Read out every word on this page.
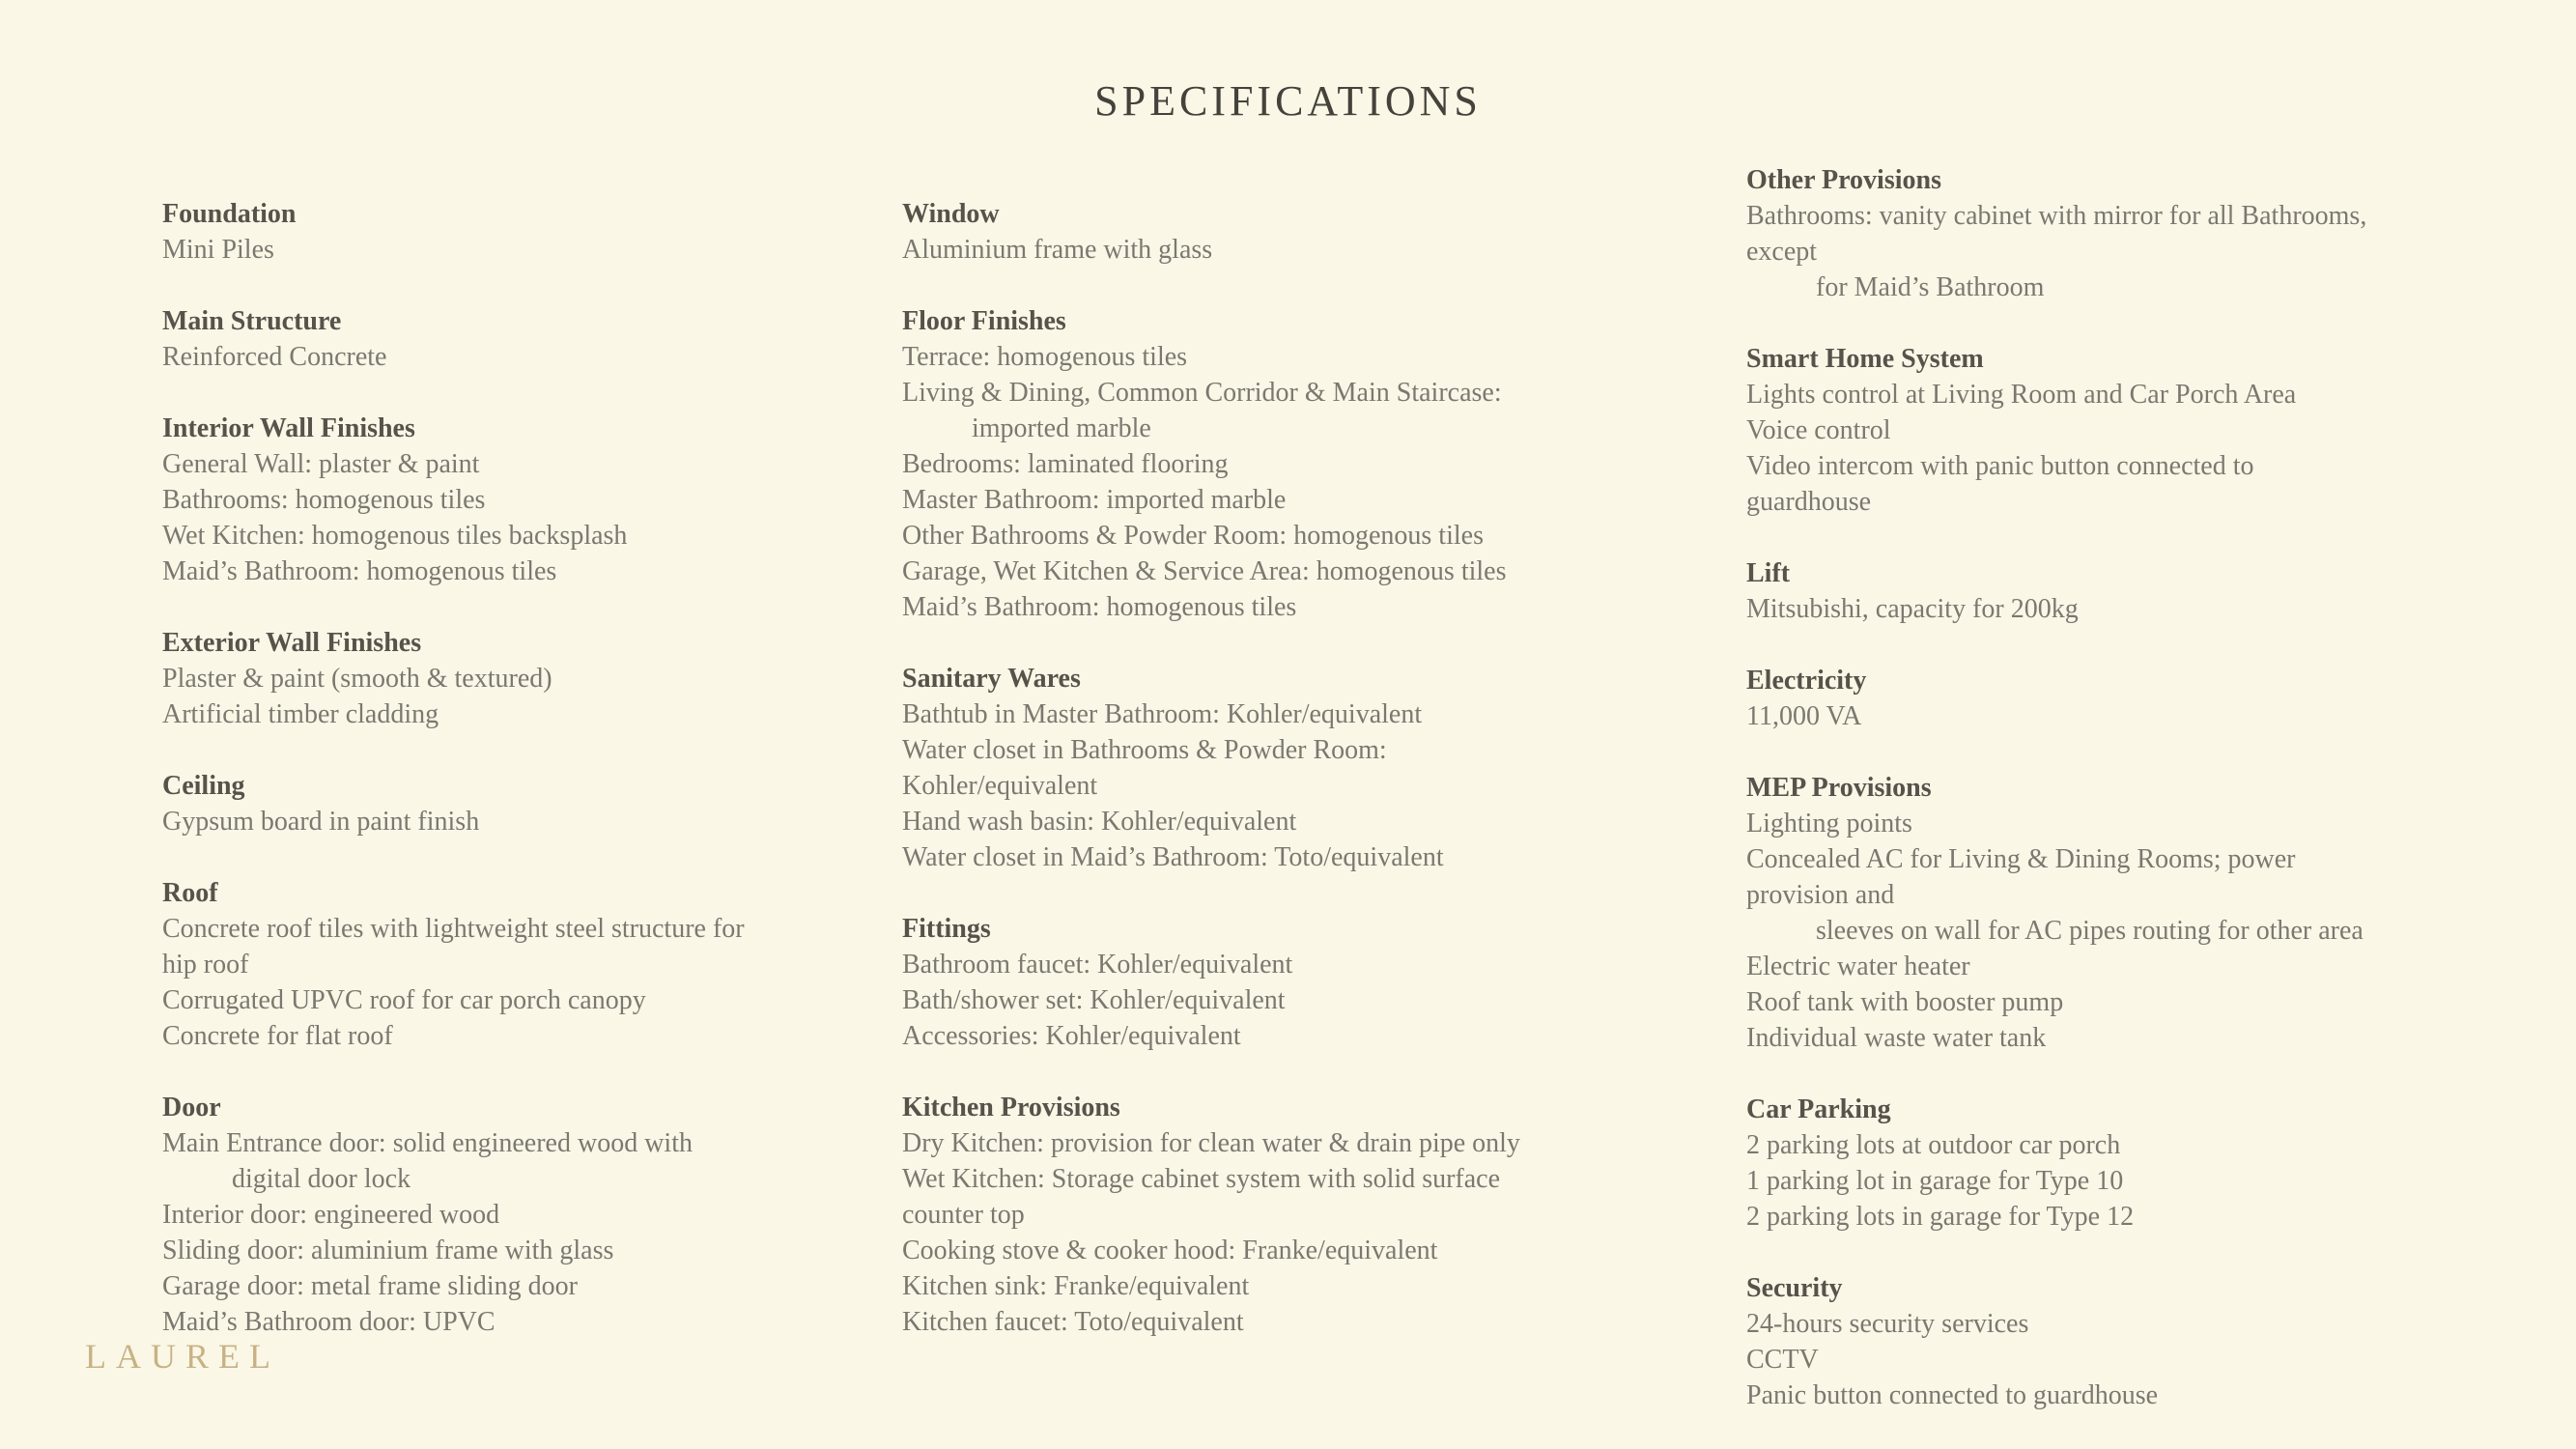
SPECIFICATIONS
Foundation
Mini Piles
Main Structure
Reinforced Concrete
Interior Wall Finishes
General Wall: plaster & paint
Bathrooms: homogenous tiles
Wet Kitchen: homogenous tiles backsplash
Maid’s Bathroom: homogenous tiles
Exterior Wall Finishes
Plaster & paint (smooth & textured)
Artificial timber cladding
Ceiling
Gypsum board in paint finish
Roof
Concrete roof tiles with lightweight steel structure for
hip roof
Corrugated UPVC roof for car porch canopy
Concrete for flat roof
Door
Main Entrance door: solid engineered wood with
digital door lock
Interior door: engineered wood
Sliding door: aluminium frame with glass
Garage door: metal frame sliding door
Maid’s Bathroom door: UPVC
Window
Aluminium frame with glass
Floor Finishes
Terrace: homogenous tiles
Living & Dining, Common Corridor & Main Staircase:
imported marble
Bedrooms: laminated flooring
Master Bathroom: imported marble
Other Bathrooms & Powder Room: homogenous tiles
Garage, Wet Kitchen & Service Area: homogenous tiles
Maid’s Bathroom: homogenous tiles
Sanitary Wares
Bathtub in Master Bathroom: Kohler/equivalent
Water closet in Bathrooms & Powder Room:
Kohler/equivalent
Hand wash basin: Kohler/equivalent
Water closet in Maid’s Bathroom: Toto/equivalent
Fittings
Bathroom faucet: Kohler/equivalent
Bath/shower set: Kohler/equivalent
Accessories: Kohler/equivalent
Kitchen Provisions
Dry Kitchen: provision for clean water & drain pipe only
Wet Kitchen: Storage cabinet system with solid surface
counter top
Cooking stove & cooker hood: Franke/equivalent
Kitchen sink: Franke/equivalent
Kitchen faucet: Toto/equivalent
Other Provisions
Bathrooms: vanity cabinet with mirror for all Bathrooms,
except
for Maid’s Bathroom
Smart Home System
Lights control at Living Room and Car Porch Area
Voice control
Video intercom with panic button connected to
guardhouse
Lift
Mitsubishi, capacity for 200kg
Electricity
11,000 VA
MEP Provisions
Lighting points
Concealed AC for Living & Dining Rooms; power
provision and
sleeves on wall for AC pipes routing for other area
Electric water heater
Roof tank with booster pump
Individual waste water tank
Car Parking
2 parking lots at outdoor car porch
1 parking lot in garage for Type 10
2 parking lots in garage for Type 12
Security
24-hours security services
CCTV
Panic button connected to guardhouse
LAUREL
